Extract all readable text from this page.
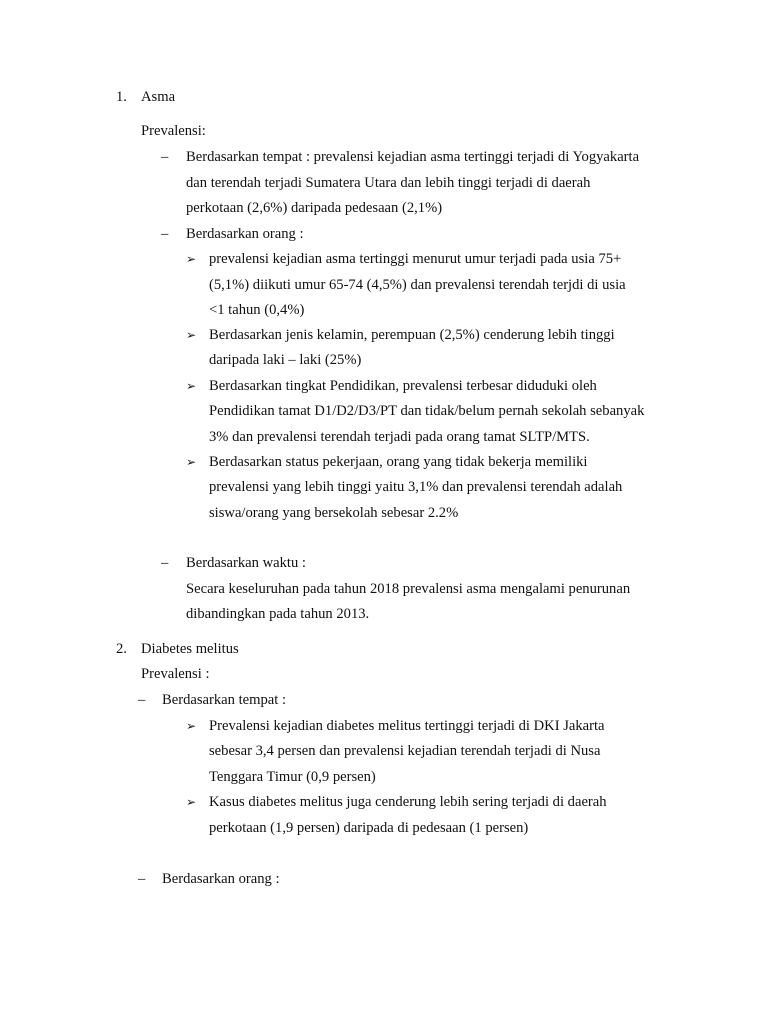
1. Asma
Prevalensi:
– Berdasarkan tempat : prevalensi kejadian asma tertinggi terjadi di Yogyakarta
dan terendah terjadi Sumatera Utara dan lebih tinggi terjadi di daerah
perkotaan (2,6%) daripada pedesaan (2,1%)
– Berdasarkan orang :
➢ prevalensi kejadian asma tertinggi menurut umur terjadi pada usia 75+
(5,1%) diikuti umur 65-74 (4,5%) dan prevalensi terendah terjdi di usia
<1 tahun (0,4%)
➢ Berdasarkan jenis kelamin, perempuan (2,5%) cenderung lebih tinggi
daripada laki – laki (25%)
➢ Berdasarkan tingkat Pendidikan, prevalensi terbesar diduduki oleh
Pendidikan tamat D1/D2/D3/PT dan tidak/belum pernah sekolah sebanyak
3% dan prevalensi terendah terjadi pada orang tamat SLTP/MTS.
➢ Berdasarkan status pekerjaan, orang yang tidak bekerja memiliki
prevalensi yang lebih tinggi yaitu 3,1% dan prevalensi terendah adalah
siswa/orang yang bersekolah sebesar 2.2%
– Berdasarkan waktu :
Secara keseluruhan pada tahun 2018 prevalensi asma mengalami penurunan
dibandingkan pada tahun 2013.
2. Diabetes melitus
Prevalensi :
– Berdasarkan tempat :
➢ Prevalensi kejadian diabetes melitus tertinggi terjadi di DKI Jakarta
sebesar 3,4 persen dan prevalensi kejadian terendah terjadi di Nusa
Tenggara Timur (0,9 persen)
➢ Kasus diabetes melitus juga cenderung lebih sering terjadi di daerah
perkotaan (1,9 persen) daripada di pedesaan (1 persen)
– Berdasarkan orang :
